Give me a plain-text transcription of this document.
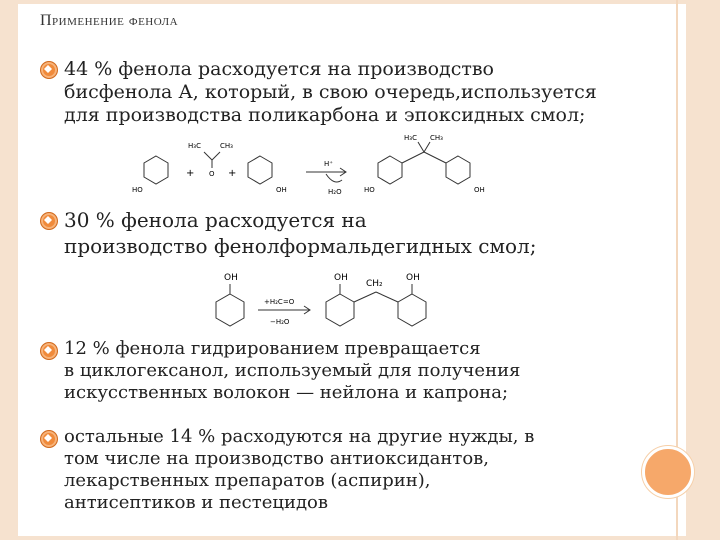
Применение фенола
44 % фенола расходуется на производство
бисфенола А, который, в свою очередь,используется
для производства поликарбона и эпоксидных смол;
30 % фенола расходуется на
производство фенолформальдегидных смол;
12 % фенола гидрированием превращается
в циклогексанол, используемый для получения
искусственных волокон — нейлона и капрона;
остальные 14 % расходуются на другие нужды, в
том числе на производство антиоксидантов,
лекарственных препаратов (аспирин),
антисептиков и пестецидов
HO
H₃C	CH₃
O
+	+
OH
H⁺
H₂O	HO	OH
H₃C CH₃
OH
+H₂C=O
−H₂O
OH
CH₂
OH
